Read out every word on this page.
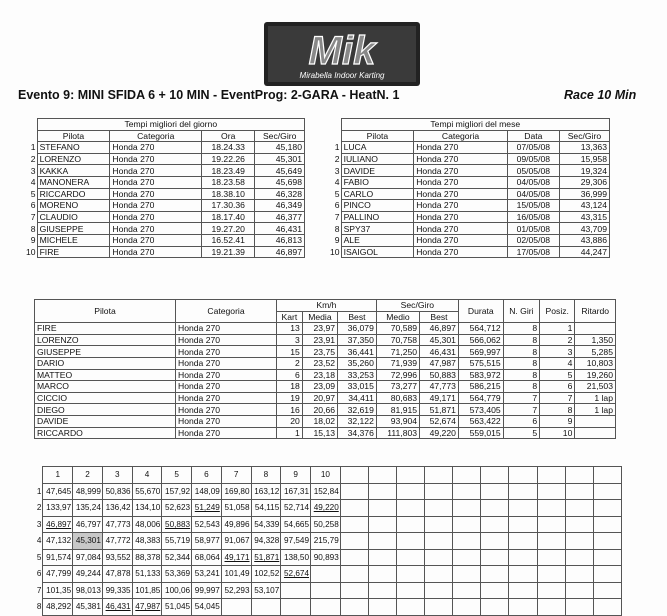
Mik
Mirabella Indoor Karting
Evento 9: MINI SFIDA 6 + 10 MIN - EventProg: 2-GARA - HeatN. 1	Race 10 Min
	Tempi migliori del giorno			
	Pilota	Categoria	Ora	Sec/Giro
1	STEFANO	Honda 270	18.24.33	45,180
2	LORENZO	Honda 270	19.22.26	45,301
3	KAKKA	Honda 270	18.23.49	45,649
4	MANONERA	Honda 270	18.23.58	45,698
5	RICCARDO	Honda 270	18.38.10	46,328
6	MORENO	Honda 270	17.30.36	46,349
7	CLAUDIO	Honda 270	18.17.40	46,377
8	GIUSEPPE	Honda 270	19.27.20	46,431
9	MICHELE	Honda 270	16.52.41	46,813
10	FIRE	Honda 270	19.21.39	46,897
	Tempi migliori del mese			
	Pilota	Categoria	Data	Sec/Giro
1	LUCA	Honda 270	07/05/08	13,363
2	IULIANO	Honda 270	09/05/08	15,958
3	DAVIDE	Honda 270	05/05/08	19,324
4	FABIO	Honda 270	04/05/08	29,306
5	CARLO	Honda 270	04/05/08	36,999
6	PINCO	Honda 270	15/05/08	43,124
7	PALLINO	Honda 270	16/05/08	43,315
8	SPY37	Honda 270	01/05/08	43,709
9	ALE	Honda 270	02/05/08	43,886
10	ISAIGOL	Honda 270	17/05/08	44,247
Pilota	Categoria	Km/h			Sec/Giro		Durata	N. Giri	Posiz.	Ritardo
		Kart	Media	Best	Medio	Best				
FIRE	Honda 270	13	23,97	36,079	70,589	46,897	564,712	8	1	
LORENZO	Honda 270	3	23,91	37,350	70,758	45,301	566,062	8	2	1,350
GIUSEPPE	Honda 270	15	23,75	36,441	71,250	46,431	569,997	8	3	5,285
DARIO	Honda 270	2	23,52	35,260	71,939	47,987	575,515	8	4	10,803
MATTEO	Honda 270	6	23,18	33,253	72,996	50,883	583,972	8	5	19,260
MARCO	Honda 270	18	23,09	33,015	73,277	47,773	586,215	8	6	21,503
CICCIO	Honda 270	19	20,97	34,411	80,683	49,171	564,779	7	7	1 lap
DIEGO	Honda 270	16	20,66	32,619	81,915	51,871	573,405	7	8	1 lap
DAVIDE	Honda 270	20	18,02	32,122	93,904	52,674	563,422	6	9	
RICCARDO	Honda 270	1	15,13	34,376	111,803	49,220	559,015	5	10	
	1	2	3	4	5	6	7	8	9	10										
1	47,645	48,999	50,836	55,670	157,92	148,09	169,80	163,12	167,31	152,84										
2	133,97	135,24	136,42	134,10	52,623	51,249	51,058	54,115	52,714	49,220										
3	46,897	46,797	47,773	48,006	50,883	52,543	49,896	54,339	54,665	50,258										
4	47,132	45,301	47,772	48,383	55,719	58,977	91,067	94,328	97,549	215,79										
5	91,574	97,084	93,552	88,378	52,344	68,064	49,171	51,871	138,50	90,893										
6	47,799	49,244	47,878	51,133	53,369	53,241	101,49	102,52	52,674											
7	101,35	98,013	99,335	101,85	100,06	99,997	52,293	53,107												
8	48,292	45,381	46,431	47,987	51,045	54,045														
